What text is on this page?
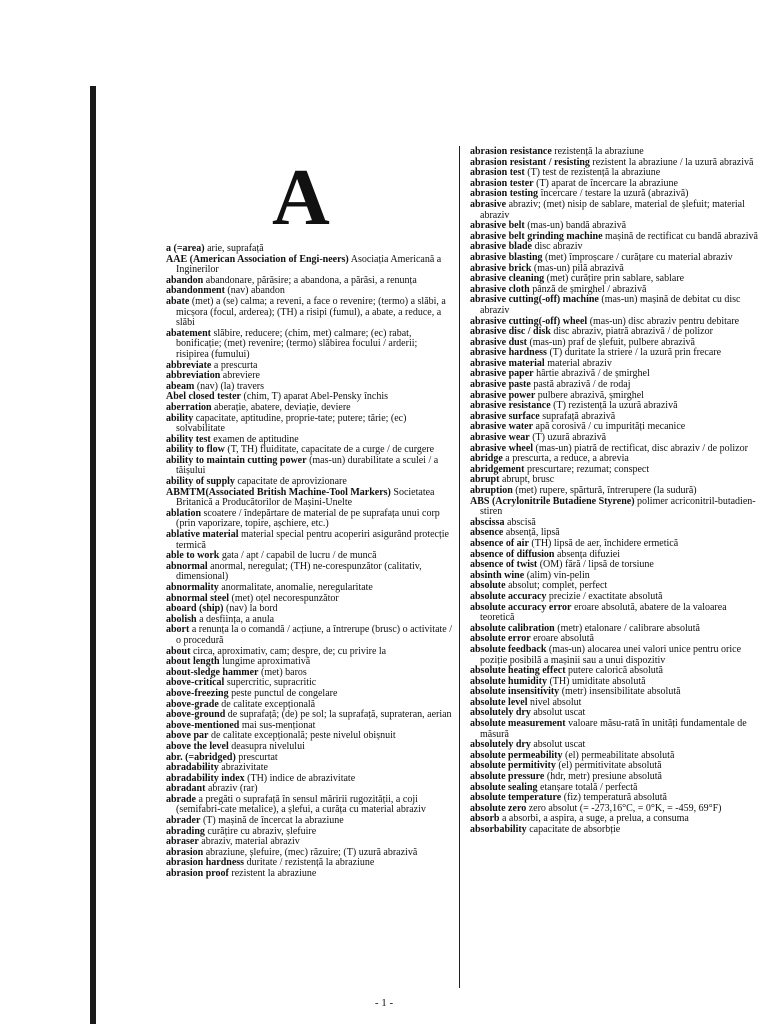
A

a (=area) arie, suprafață

AAE (American Association of Engi-neers) Asociația Americană a Inginerilor

abandon abandonare, părăsire; a abandona, a părăsi, a renunța

abandonment (nav) abandon

abate (met) a (se) calma; a reveni, a face o revenire; (termo) a slăbi, a micșora (focul, arderea); (TH) a risipi (fumul), a abate, a reduce, a slăbi

abatement slăbire, reducere; (chim, met) calmare; (ec) rabat, bonificație; (met) revenire; (termo) slăbirea focului / arderii; risipirea (fumului)

abbreviate a prescurta

abbreviation abreviere

abeam (nav) (la) travers

Abel closed tester (chim, T) aparat Abel-Pensky închis

aberration aberație, abatere, deviație, deviere

ability capacitate, aptitudine, proprie-tate; putere; tărie; (ec) solvabilitate

ability test examen de aptitudine

ability to flow (T, TH) fluiditate, capacitate de a curge / de curgere

ability to maintain cutting power (mas-un) durabilitate a sculei / a tăișului

ability of supply capacitate de aprovizionare

ABMTM(Associated British Machine-Tool Markers) Societatea Britanică a Producătorilor de Mașini-Unelte

ablation scoatere / îndepărtare de material de pe suprafața unui corp (prin vaporizare, topire, așchiere, etc.)

ablative material material special pentru acoperiri asigurând protecție termică

able to work gata / apt / capabil de lucru / de muncă

abnormal anormal, neregulat; (TH) ne-corespunzător (calitativ, dimensional)

abnormality anormalitate, anomalie, neregularitate

abnormal steel (met) oțel necorespunzător

aboard (ship) (nav) la bord

abolish a desființa, a anula

abort a renunța la o comandă / acțiune, a întrerupe (brusc) o activitate / o procedură

about circa, aproximativ, cam; despre, de; cu privire la

about length lungime aproximativă

about-sledge hammer (met) baros

above-critical supercritic, supracritic

above-freezing peste punctul de congelare

above-grade de calitate excepțională

above-ground de suprafață; (de) pe sol; la suprafață, suprateran, aerian

above-mentioned mai sus-menționat

above par de calitate excepțională; peste nivelul obișnuit

above the level deasupra nivelului

abr. (=abridged) prescurtat

abradability abrazivitate

abradability index (TH) indice de abrazivitate

abradant abraziv (rar)

abrade a pregăti o suprafață în sensul măririi rugozității, a coji (semifabri-cate metalice), a șlefui, a curăța cu material abraziv

abrader (T) mașină de încercat la abraziune

abrading curățire cu abraziv, șlefuire

abraser abraziv, material abraziv

abrasion abraziune, șlefuire, (mec) răzuire; (T) uzură abrazivă

abrasion hardness duritate / rezistență la abraziune

abrasion proof rezistent la abraziune

abrasion resistance rezistență la abraziune

abrasion resistant / resisting rezistent la abraziune / la uzură abrazivă

abrasion test (T) test de rezistență la abraziune

abrasion tester (T) aparat de încercare la abraziune

abrasion testing încercare / testare la uzură (abrazivă)

abrasive abraziv; (met) nisip de sablare, material de șlefuit; material abraziv

abrasive belt (mas-un) bandă abrazivă

abrasive belt grinding machine mașină de rectificat cu bandă abrazivă

abrasive blade disc abraziv

abrasive blasting (met) împroșcare / curățare cu material abraziv

abrasive brick (mas-un) pilă abrazivă

abrasive cleaning (met) curățire prin sablare, sablare

abrasive cloth pânză de șmirghel / abrazivă

abrasive cutting(-off) machine (mas-un) mașină de debitat cu disc abraziv

abrasive cutting(-off) wheel (mas-un) disc abraziv pentru debitare

abrasive disc / disk disc abraziv, piatră abrazivă / de polizor

abrasive dust (mas-un) praf de șlefuit, pulbere abrazivă

abrasive hardness (T) duritate la striere / la uzură prin frecare

abrasive material material abraziv

abrasive paper hârtie abrazivă / de șmirghel

abrasive paste pastă abrazivă / de rodaj

abrasive power pulbere abrazivă, șmirghel

abrasive resistance (T) rezistență la uzură abrazivă

abrasive surface suprafață abrazivă

abrasive water apă corosivă / cu impurități mecanice

abrasive wear (T) uzură abrazivă

abrasive wheel (mas-un) piatră de rectificat, disc abraziv / de polizor

abridge a prescurta, a reduce, a abrevia

abridgement prescurtare; rezumat; conspect

abrupt abrupt, brusc

abruption (met) rupere, spărtură, întrerupere (la sudură)

ABS (Acrylonitrile Butadiene Styrene) polimer acriconitril-butadien-stiren

abscissa abscisă

absence absență, lipsă

absence of air (TH) lipsă de aer, închidere ermetică

absence of diffusion absența difuziei

absence of twist (OM) fără / lipsă de torsiune

absinth wine (alim) vin-pelin

absolute absolut; complet, perfect

absolute accuracy precizie / exactitate absolută

absolute accuracy error eroare absolută, abatere de la valoarea teoretică

absolute calibration (metr) etalonare / calibrare absolută

absolute error eroare absolută

absolute feedback (mas-un) alocarea unei valori unice pentru orice poziție posibilă a mașinii sau a unui dispozitiv

absolute heating effect putere calorică absolută

absolute humidity (TH) umiditate absolută

absolute insensitivity (metr) insensibilitate absolută

absolute level nivel absolut

absolutely dry absolut uscat

absolute measurement valoare măsu-rată în unități fundamentale de măsură

absolutely dry absolut uscat

absolute permeability (el) permeabilitate absolută

absolute permitivity (el) permitivitate absolută

absolute pressure (hdr, metr) presiune absolută

absolute sealing etanșare totală / perfectă

absolute temperature (fiz) temperatură absolută

absolute zero zero absolut (= -273,16°C, = 0°K, = -459, 69°F)

absorb a absorbi, a aspira, a suge, a prelua, a consuma

absorbability capacitate de absorbție

- 1 -
